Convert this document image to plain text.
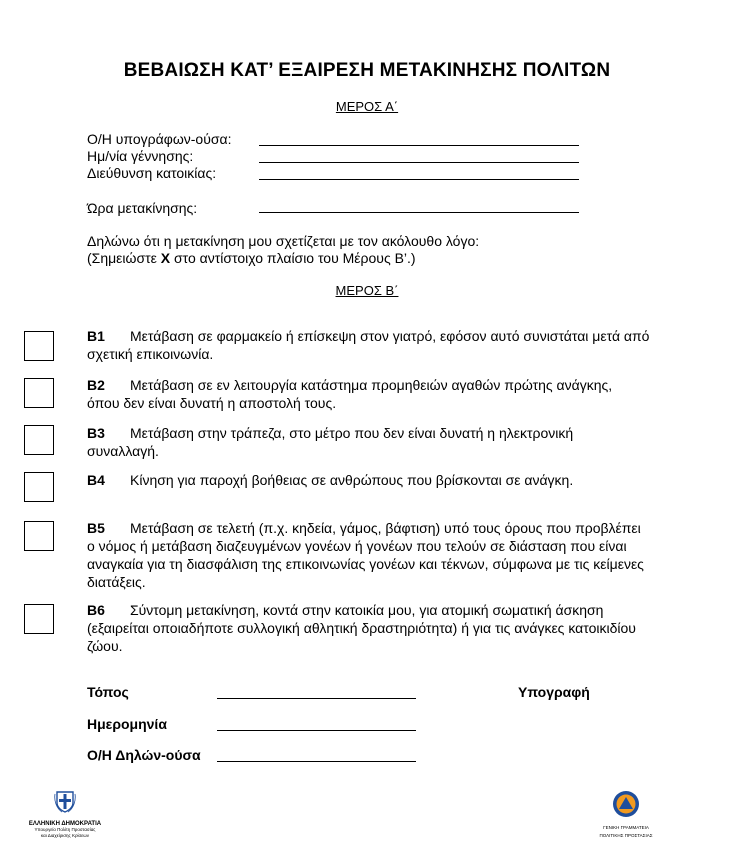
ΒΕΒΑΙΩΣΗ ΚΑΤ’ ΕΞΑΙΡΕΣΗ ΜΕΤΑΚΙΝΗΣΗΣ ΠΟΛΙΤΩΝ
ΜΕΡΟΣ Α΄
Ο/Η υπογράφων-ούσα:
Ημ/νία γέννησης:
Διεύθυνση κατοικίας:
Ώρα μετακίνησης:
Δηλώνω ότι η μετακίνηση μου σχετίζεται με τον ακόλουθο λόγο:
(Σημειώστε Χ στο αντίστοιχο πλαίσιο του Μέρους Β’.)
ΜΕΡΟΣ Β΄
Β1 Μετάβαση σε φαρμακείο ή επίσκεψη στον γιατρό, εφόσον αυτό συνιστάται μετά από σχετική επικοινωνία.
Β2 Μετάβαση σε εν λειτουργία κατάστημα προμηθειών αγαθών πρώτης ανάγκης, όπου δεν είναι δυνατή η αποστολή τους.
Β3 Μετάβαση στην τράπεζα, στο μέτρο που δεν είναι δυνατή η ηλεκτρονική συναλλαγή.
Β4 Κίνηση για παροχή βοήθειας σε ανθρώπους που βρίσκονται σε ανάγκη.
Β5 Μετάβαση σε τελετή (π.χ. κηδεία, γάμος, βάφτιση) υπό τους όρους που προβλέπει ο νόμος ή μετάβαση διαζευγμένων γονέων ή γονέων που τελούν σε διάσταση που είναι αναγκαία για τη διασφάλιση της επικοινωνίας γονέων και τέκνων, σύμφωνα με τις κείμενες διατάξεις.
Β6 Σύντομη μετακίνηση, κοντά στην κατοικία μου, για ατομική σωματική άσκηση (εξαιρείται οποιαδήποτε συλλογική αθλητική δραστηριότητα) ή για τις ανάγκες κατοικιδίου ζώου.
Τόπος	Υπογραφή
Ημερομηνία
Ο/Η Δηλών-ούσα
ΕΛΛΗΝΙΚΗ ΔΗΜΟΚΡΑΤΙΑ
Υπουργείο Πολίτη Προστασίας
και Διαχείρισης Κρίσεων
ΓΕΝΙΚΗ ΓΡΑΜΜΑΤΕΙΑ
ΠΟΛΙΤΙΚΗΣ ΠΡΟΣΤΑΣΙΑΣ
